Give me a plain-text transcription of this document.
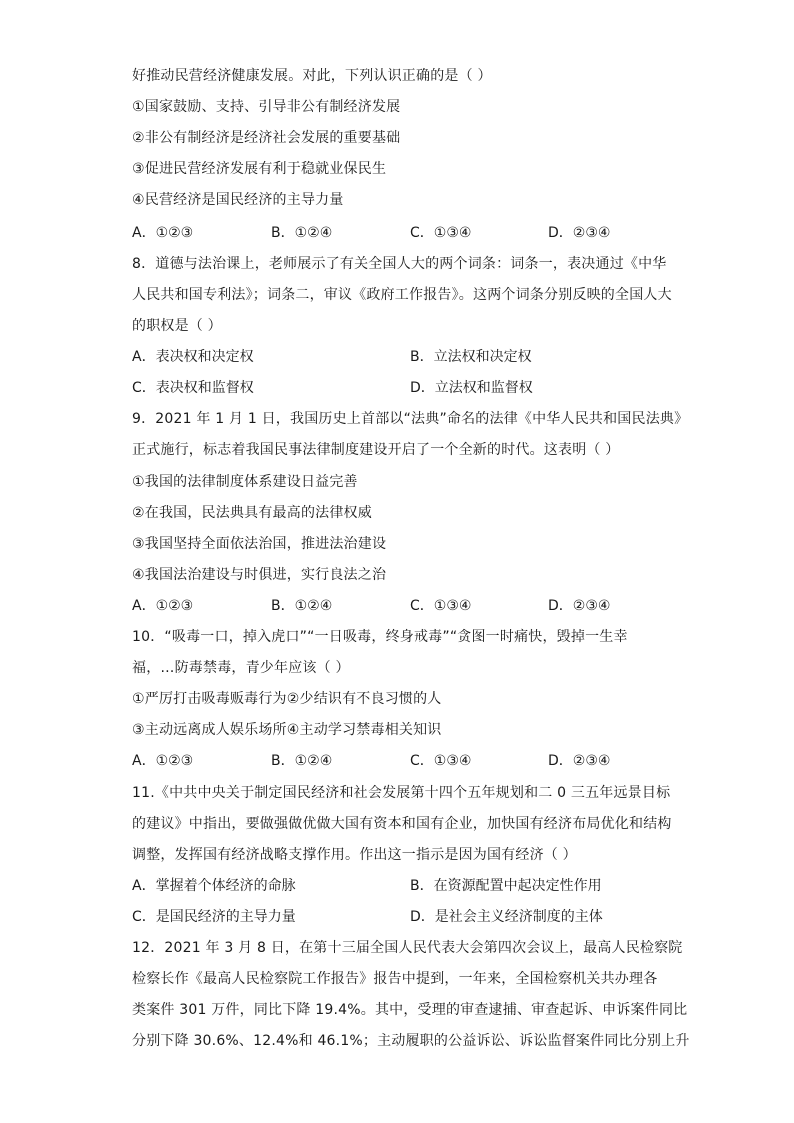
好推动民营经济健康发展。对此，下列认识正确的是（ ）
①国家鼓励、支持、引导非公有制经济发展
②非公有制经济是经济社会发展的重要基础
③促进民营经济发展有利于稳就业保民生
④民营经济是国民经济的主导力量
A．①②③	B．①②④	C．①③④	D．②③④
8．道德与法治课上，老师展示了有关全国人大的两个词条：词条一，表决通过《中华
人民共和国专利法》；词条二，审议《政府工作报告》。这两个词条分别反映的全国人大
的职权是（ ）
A．表决权和决定权	B．立法权和决定权
C．表决权和监督权	D．立法权和监督权
9．2021 年 1 月 1 日，我国历史上首部以“法典”命名的法律《中华人民共和国民法典》
正式施行，标志着我国民事法律制度建设开启了一个全新的时代。这表明（ ）
①我国的法律制度体系建设日益完善
②在我国，民法典具有最高的法律权威
③我国坚持全面依法治国，推进法治建设
④我国法治建设与时俱进，实行良法之治
A．①②③	B．①②④	C．①③④	D．②③④
10．“吸毒一口，掉入虎口”“一日吸毒，终身戒毒”“贪图一时痛快，毁掉一生幸
福，…防毒禁毒，青少年应该（ ）
①严厉打击吸毒贩毒行为②少结识有不良习惯的人
③主动远离成人娱乐场所④主动学习禁毒相关知识
A．①②③	B．①②④	C．①③④	D．②③④
11.《中共中央关于制定国民经济和社会发展第十四个五年规划和二 0 三五年远景目标
的建议》中指出，要做强做优做大国有资本和国有企业，加快国有经济布局优化和结构
调整，发挥国有经济战略支撑作用。作出这一指示是因为国有经济（ ）
A．掌握着个体经济的命脉	B．在资源配置中起决定性作用
C．是国民经济的主导力量	D．是社会主义经济制度的主体
12．2021 年 3 月 8 日，在第十三届全国人民代表大会第四次会议上，最高人民检察院
检察长作《最高人民检察院工作报告》报告中提到，一年来，全国检察机关共办理各
类案件 301 万件，同比下降 19.4%。其中，受理的审查逮捕、审查起诉、申诉案件同比
分别下降 30.6%、12.4%和 46.1%；主动履职的公益诉讼、诉讼监督案件同比分别上升
